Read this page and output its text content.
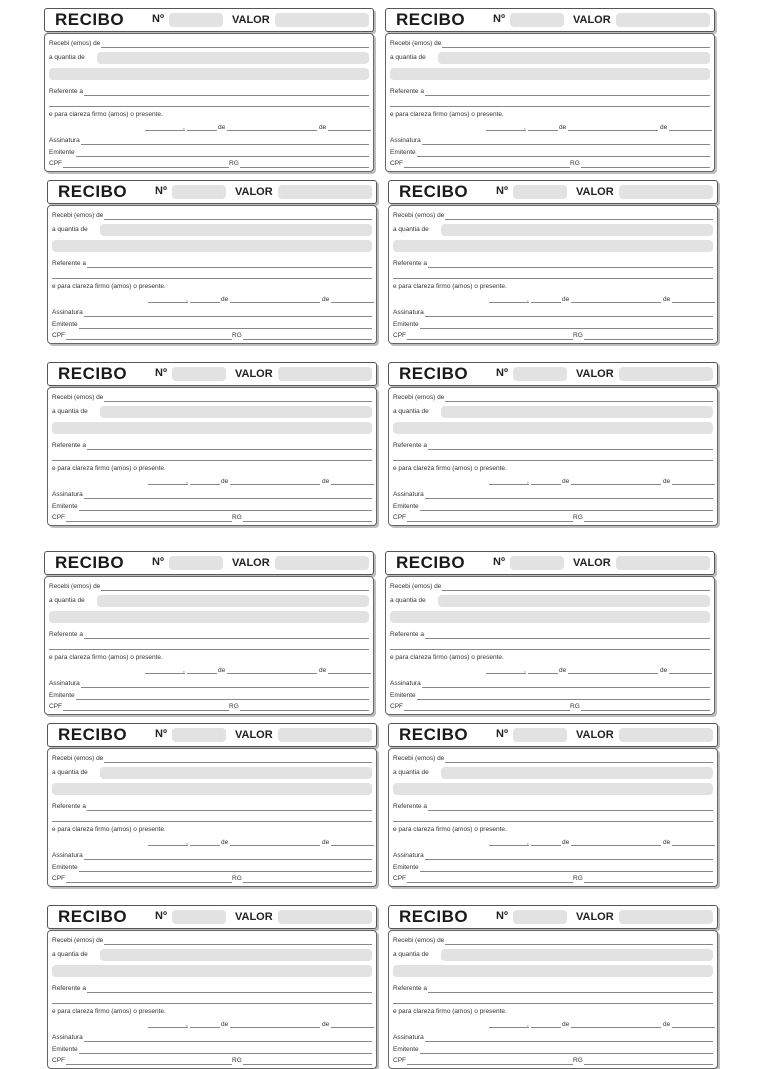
RECIBO	Nº	VALOR
Recebi (emos) de
a quantia de
Referente a
e para clareza firmo (amos) o presente.
,	de	de
Assinatura
Emitente
CPF	RG
RECIBO	Nº	VALOR
Recebi (emos) de
a quantia de
Referente a
e para clareza firmo (amos) o presente.
,	de	de
Assinatura
Emitente
CPF	RG
RECIBO	Nº	VALOR
Recebi (emos) de
a quantia de
Referente a
e para clareza firmo (amos) o presente.
,	de	de
Assinatura
Emitente
CPF	RG
RECIBO	Nº	VALOR
Recebi (emos) de
a quantia de
Referente a
e para clareza firmo (amos) o presente.
,	de	de
Assinatura
Emitente
CPF	RG
RECIBO	Nº	VALOR
Recebi (emos) de
a quantia de
Referente a
e para clareza firmo (amos) o presente.
,	de	de
Assinatura
Emitente
CPF	RG
RECIBO	Nº	VALOR
Recebi (emos) de
a quantia de
Referente a
e para clareza firmo (amos) o presente.
,	de	de
Assinatura
Emitente
CPF	RG
RECIBO	Nº	VALOR
Recebi (emos) de
a quantia de
Referente a
e para clareza firmo (amos) o presente.
,	de	de
Assinatura
Emitente
CPF	RG
RECIBO	Nº	VALOR
Recebi (emos) de
a quantia de
Referente a
e para clareza firmo (amos) o presente.
,	de	de
Assinatura
Emitente
CPF	RG
RECIBO	Nº	VALOR
Recebi (emos) de
a quantia de
Referente a
e para clareza firmo (amos) o presente.
,	de	de
Assinatura
Emitente
CPF	RG
RECIBO	Nº	VALOR
Recebi (emos) de
a quantia de
Referente a
e para clareza firmo (amos) o presente.
,	de	de
Assinatura
Emitente
CPF	RG
RECIBO	Nº	VALOR
Recebi (emos) de
a quantia de
Referente a
e para clareza firmo (amos) o presente.
,	de	de
Assinatura
Emitente
CPF	RG
RECIBO	Nº	VALOR
Recebi (emos) de
a quantia de
Referente a
e para clareza firmo (amos) o presente.
,	de	de
Assinatura
Emitente
CPF	RG
